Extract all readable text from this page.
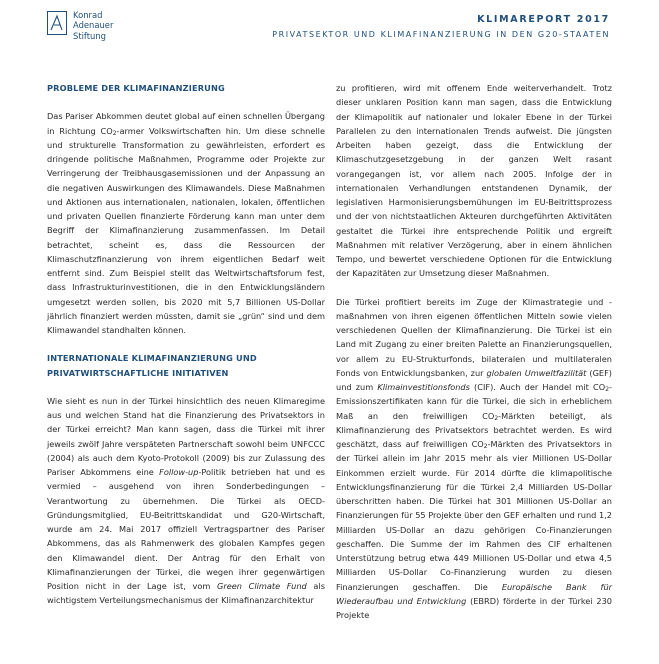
Konrad
Adenauer
Stiftung
KLIMAREPORT 2017
PRIVATSEKTOR UND KLIMAFINANZIERUNG IN DEN G20-STAATEN
PROBLEME DER KLIMAFINANZIERUNG

Das Pariser Abkommen deutet global auf einen schnellen Übergang in Richtung $CO_2$-armer Volkswirtschaften hin. Um diese schnelle und strukturelle Transformation zu gewährleisten, erfordert es dringende politische Maßnahmen, Programme oder Projekte zur Verringerung der Treibhausgasemissionen und der Anpassung an die negativen Auswirkungen des Klimawandels. Diese Maßnahmen und Aktionen aus internationalen, nationalen, lokalen, öffentlichen und privaten Quellen finanzierte Förderung kann man unter dem Begriff der Klimafinanzierung zusammenfassen. Im Detail betrachtet, scheint es, dass die Ressourcen der Klimaschutzfinanzierung von ihrem eigentlichen Bedarf weit entfernt sind. Zum Beispiel stellt das Weltwirtschaftsforum fest, dass Infrastrukturinvestitionen, die in den Entwicklungsländern umgesetzt werden sollen, bis 2020 mit 5,7 Billionen US-Dollar jährlich finanziert werden müssten, damit sie „grün“ sind und dem Klimawandel standhalten können.

INTERNATIONALE KLIMAFINANZIERUNG UND
PRIVATWIRTSCHAFTLICHE INITIATIVEN

Wie sieht es nun in der Türkei hinsichtlich des neuen Klimaregime aus und welchen Stand hat die Finanzierung des Privatsektors in der Türkei erreicht? Man kann sagen, dass die Türkei mit ihrer jeweils zwölf Jahre verspäteten Partnerschaft sowohl beim UNFCCC (2004) als auch dem Kyoto-Protokoll (2009) bis zur Zulassung des Pariser Abkommens eine Follow-up-Politik betrieben hat und es vermied – ausgehend von ihren Sonderbedingungen – Verantwortung zu übernehmen. Die Türkei als OECD-Gründungsmitglied, EU-Beitrittskandidat und G20-Wirtschaft, wurde am 24. Mai 2017 offiziell Vertragspartner des Pariser Abkommens, das als Rahmenwerk des globalen Kampfes gegen den Klimawandel dient. Der Antrag für den Erhalt von Klimafinanzierungen der Türkei, die wegen ihrer gegenwärtigen Position nicht in der Lage ist, vom Green Climate Fund als wichtigstem Verteilungsmechanismus der Klimafinanzarchitektur

zu profitieren, wird mit offenem Ende weiterverhandelt. Trotz dieser unklaren Position kann man sagen, dass die Entwicklung der Klimapolitik auf nationaler und lokaler Ebene in der Türkei Parallelen zu den internationalen Trends aufweist. Die jüngsten Arbeiten haben gezeigt, dass die Entwicklung der Klimaschutzgesetzgebung in der ganzen Welt rasant vorangegangen ist, vor allem nach 2005. Infolge der in internationalen Verhandlungen entstandenen Dynamik, der legislativen Harmonisierungsbemühungen im EU-Beitrittsprozess und der von nichtstaatlichen Akteuren durchgeführten Aktivitäten gestaltet die Türkei ihre entsprechende Politik und ergreift Maßnahmen mit relativer Verzögerung, aber in einem ähnlichen Tempo, und bewertet verschiedene Optionen für die Entwicklung der Kapazitäten zur Umsetzung dieser Maßnahmen.

Die Türkei profitiert bereits im Zuge der Klimastrategie und -maßnahmen von ihren eigenen öffentlichen Mitteln sowie vielen verschiedenen Quellen der Klimafinanzierung. Die Türkei ist ein Land mit Zugang zu einer breiten Palette an Finanzierungsquellen, vor allem zu EU-Strukturfonds, bilateralen und multilateralen Fonds von Entwicklungsbanken, zur globalen Umweltfazilität (GEF) und zum Klimainvestitionsfonds (CIF). Auch der Handel mit $CO_2$-Emissionszertifikaten kann für die Türkei, die sich in erheblichem Maß an den freiwilligen $CO_2$-Märkten beteiligt, als Klimafinanzierung des Privatsektors betrachtet werden. Es wird geschätzt, dass auf freiwilligen $CO_2$-Märkten des Privatsektors in der Türkei allein im Jahr 2015 mehr als vier Millionen US-Dollar Einkommen erzielt wurde. Für 2014 dürfte die klimapolitische Entwicklungsfinanzierung für die Türkei 2,4 Milliarden US-Dollar überschritten haben. Die Türkei hat 301 Millionen US-Dollar an Finanzierungen für 55 Projekte über den GEF erhalten und rund 1,2 Milliarden US-Dollar an dazu gehörigen Co-Finanzierungen geschaffen. Die Summe der im Rahmen des CIF erhaltenen Unterstützung betrug etwa 449 Millionen US-Dollar und etwa 4,5 Milliarden US-Dollar Co-Finanzierung wurden zu diesen Finanzierungen geschaffen. Die Europäische Bank für Wiederaufbau und Entwicklung (EBRD) förderte in der Türkei 230 Projekte
